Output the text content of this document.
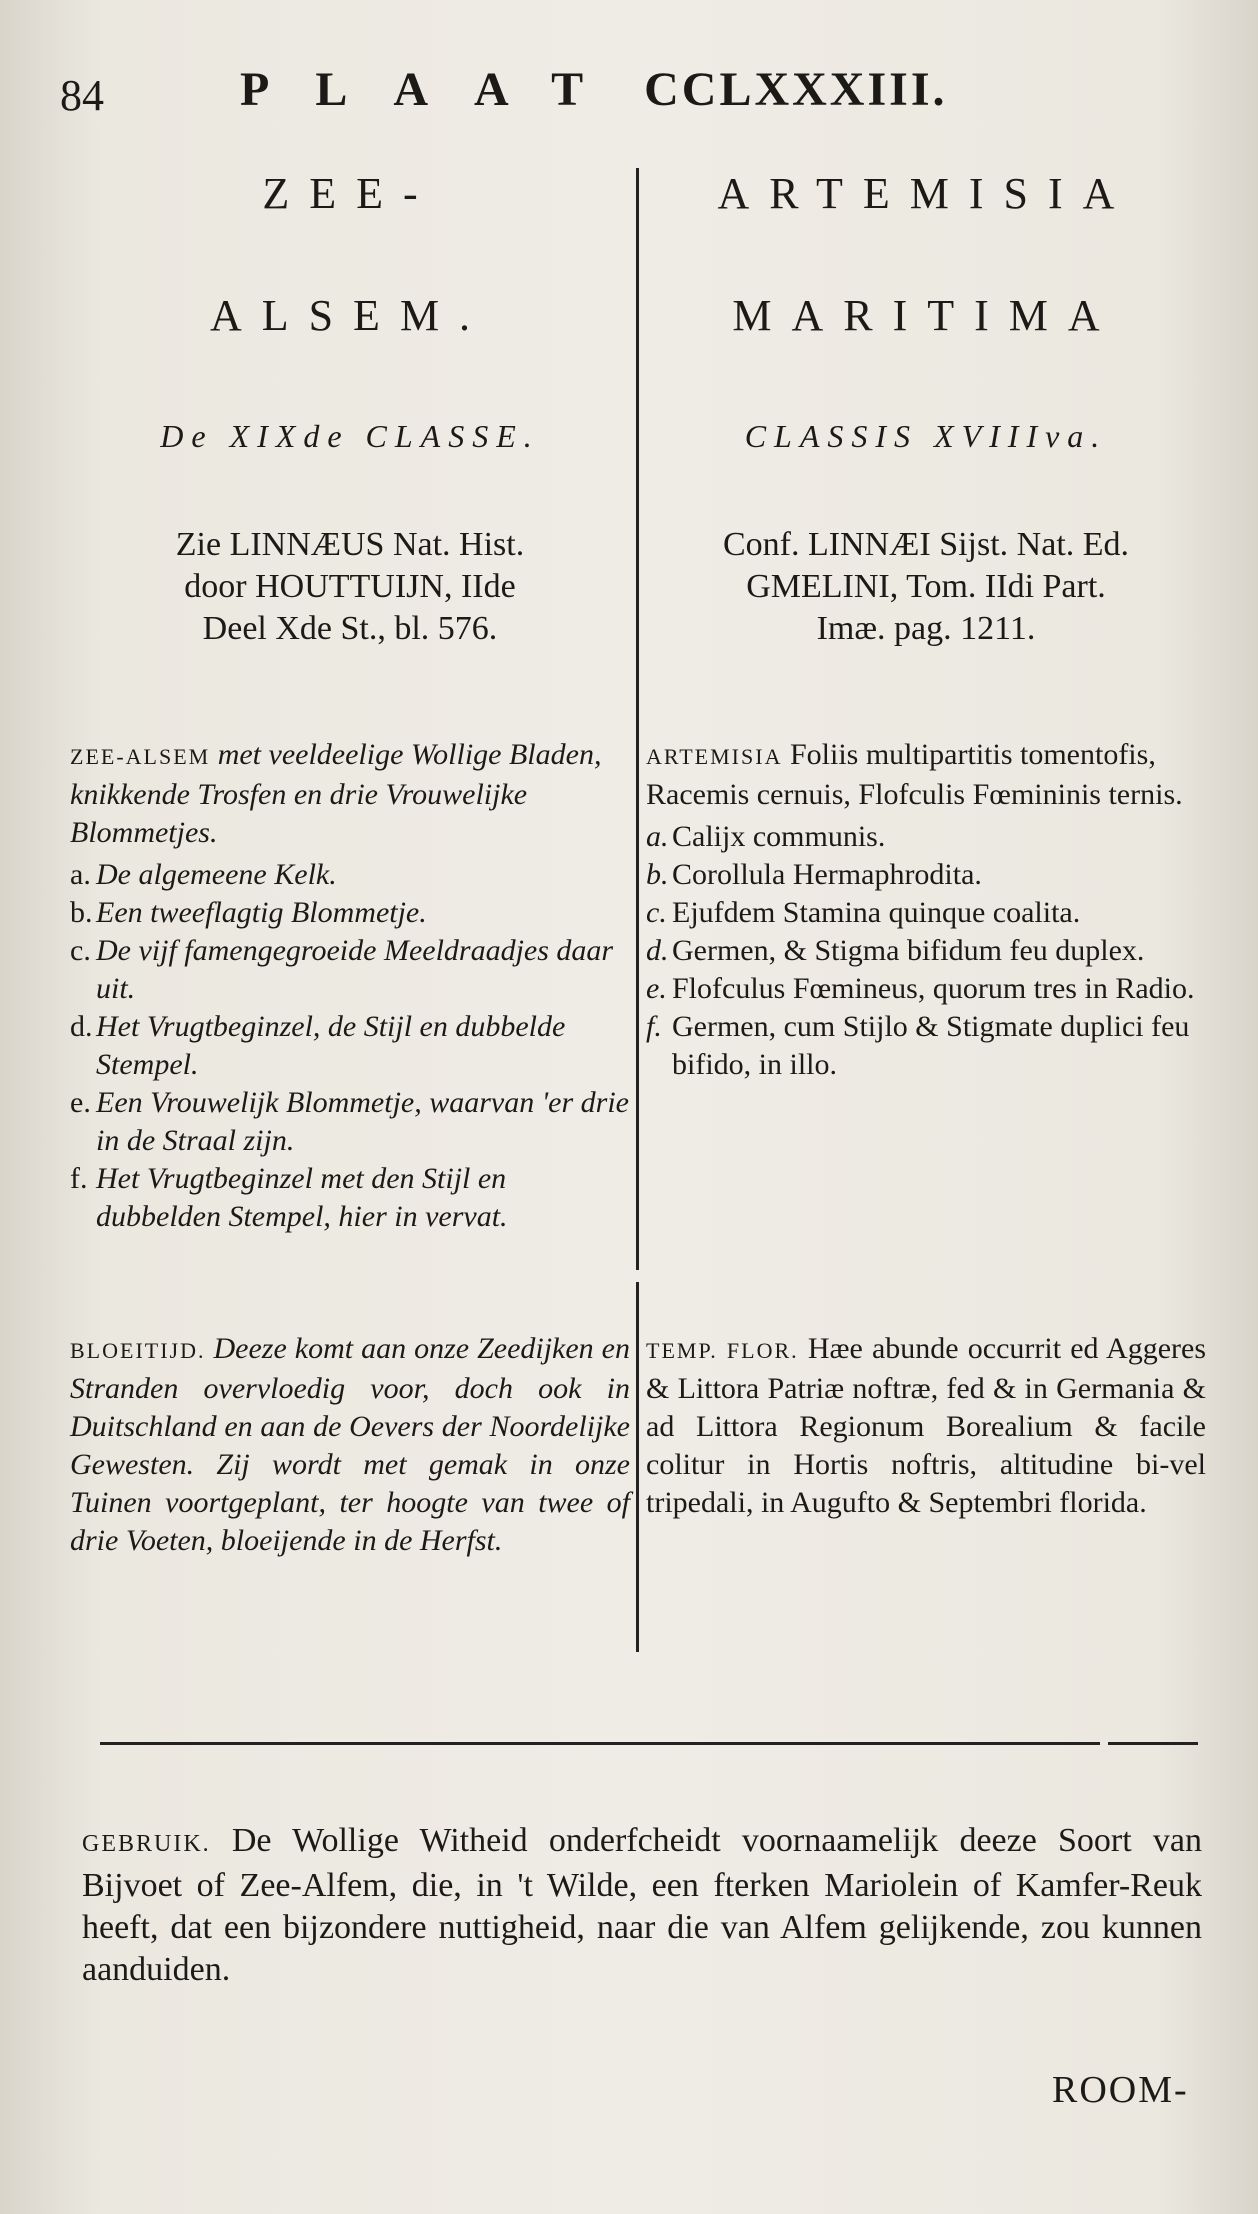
84	PLAAT CCLXXXIII.
ZEE-
ALSEM.
De XIXde CLASSE.
Zie LINNÆUS Nat. Hist.
door HOUTTUIJN, IIde
Deel Xde St., bl. 576.
ZEE-ALSEM met veeldeelige Wollige Bladen, knikkende Trosfen en drie Vrouwelijke Blommetjes.
a. De algemeene Kelk.
b. Een tweeflagtig Blommetje.
c. De vijf famengegroeide Meeldraadjes daar uit.
d. Het Vrugtbeginzel, de Stijl en dubbelde Stempel.
e. Een Vrouwelijk Blommetje, waarvan 'er drie in de Straal zijn.
f. Het Vrugtbeginzel met den Stijl en dubbelden Stempel, hier in vervat.
BLOEITIJD. Deeze komt aan onze Zeedijken en Stranden overvloedig voor, doch ook in Duitschland en aan de Oevers der Noordelijke Gewesten. Zij wordt met gemak in onze Tuinen voortgeplant, ter hoogte van twee of drie Voeten, bloeijende in de Herfst.
ARTEMISIA
MARITIMA
CLASSIS XVIIIva.
Conf. LINNÆI Sijst. Nat. Ed.
GMELINI, Tom. IIdi Part.
Imæ. pag. 1211.
ARTEMISIA Foliis multipartitis tomentofis, Racemis cernuis, Flofculis Fœmininis ternis.
a. Calijx communis.
b. Corollula Hermaphrodita.
c. Ejufdem Stamina quinque coalita.
d. Germen, & Stigma bifidum feu duplex.
e. Flofculus Fœmineus, quorum tres in Radio.
f. Germen, cum Stijlo & Stigmate duplici feu bifido, in illo.
TEMP. FLOR. Hæe abunde occurrit ed Aggeres & Littora Patriæ noftræ, fed & in Germania & ad Littora Regionum Borealium & facile colitur in Hortis noftris, altitudine bi-vel tripedali, in Augufto & Septembri florida.
GEBRUIK. De Wollige Witheid onderfcheidt voornaamelijk deeze Soort van Bijvoet of Zee-Alfem, die, in 't Wilde, een fterken Mariolein of Kamfer-Reuk heeft, dat een bijzondere nuttigheid, naar die van Alfem gelijkende, zou kunnen aanduiden.
ROOM-
